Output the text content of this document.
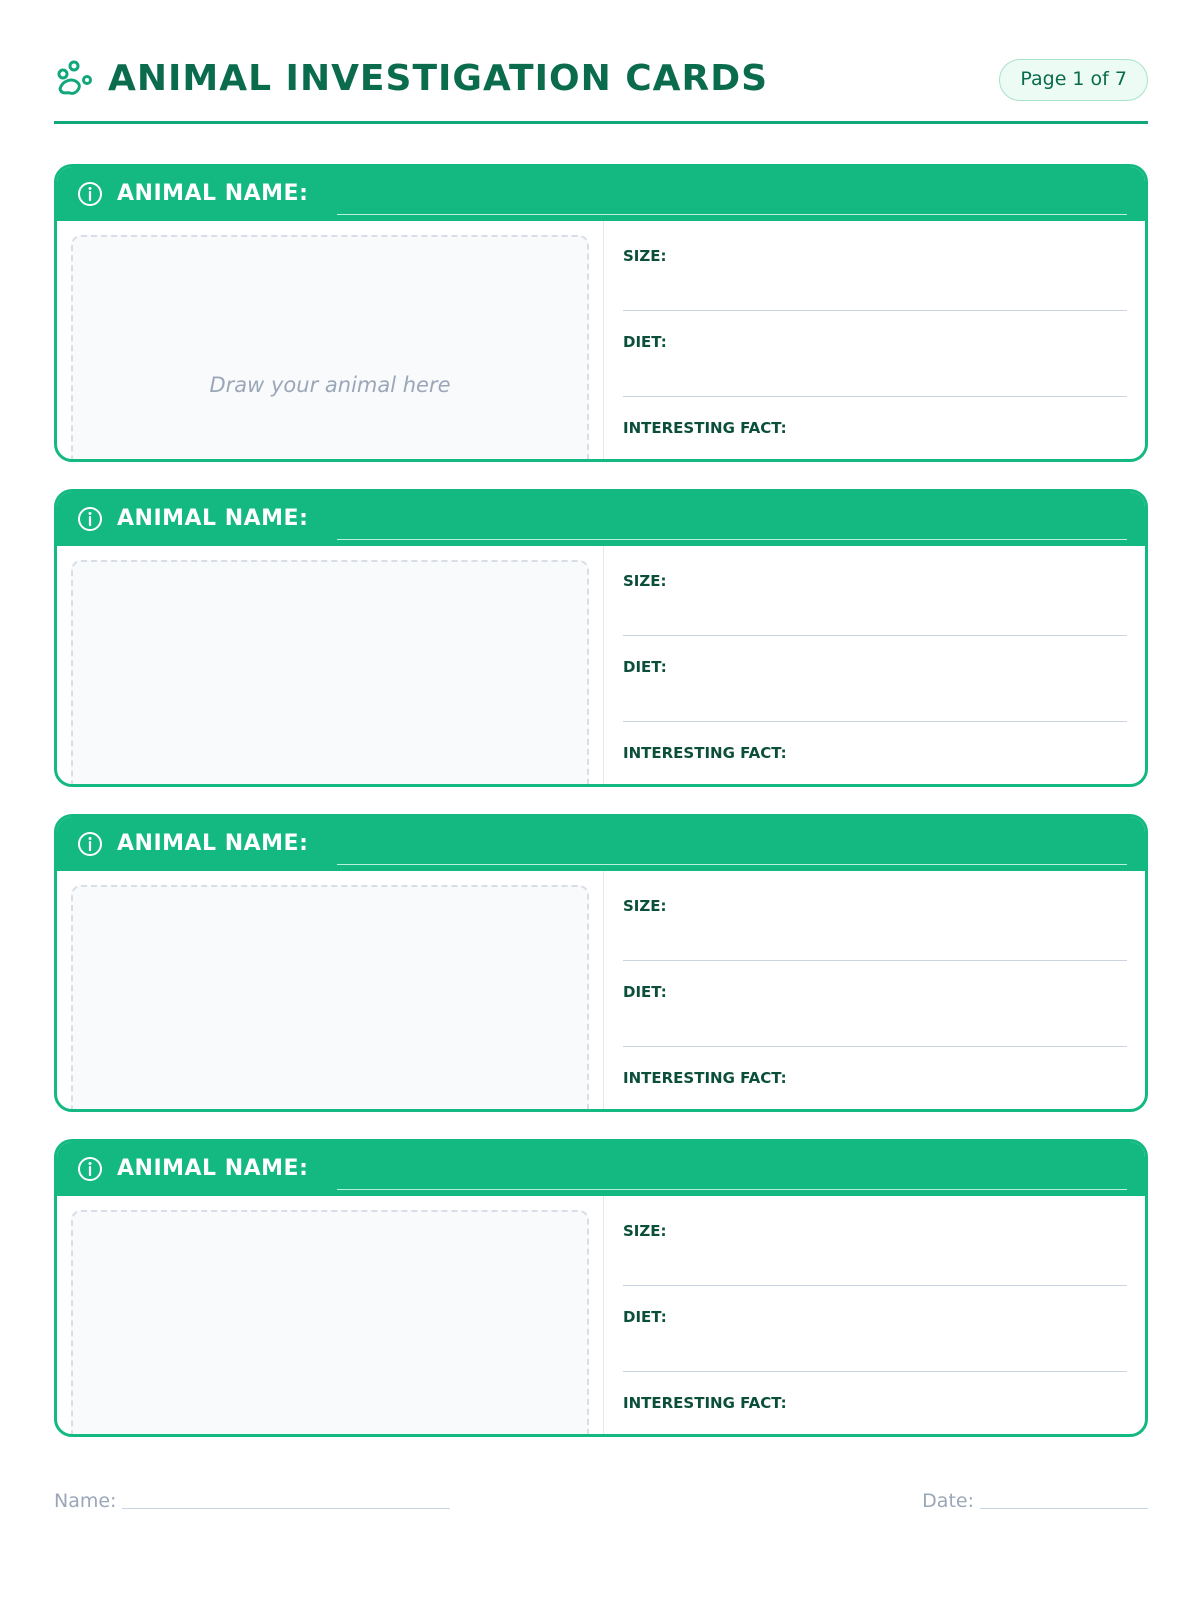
ANIMAL INVESTIGATION CARDS	Page 1 of 7
ANIMAL NAME:
Draw your animal here
SIZE:
DIET:
INTERESTING FACT:
ANIMAL NAME:
SIZE:
DIET:
INTERESTING FACT:
ANIMAL NAME:
SIZE:
DIET:
INTERESTING FACT:
ANIMAL NAME:
SIZE:
DIET:
INTERESTING FACT:
Name:	Date:
